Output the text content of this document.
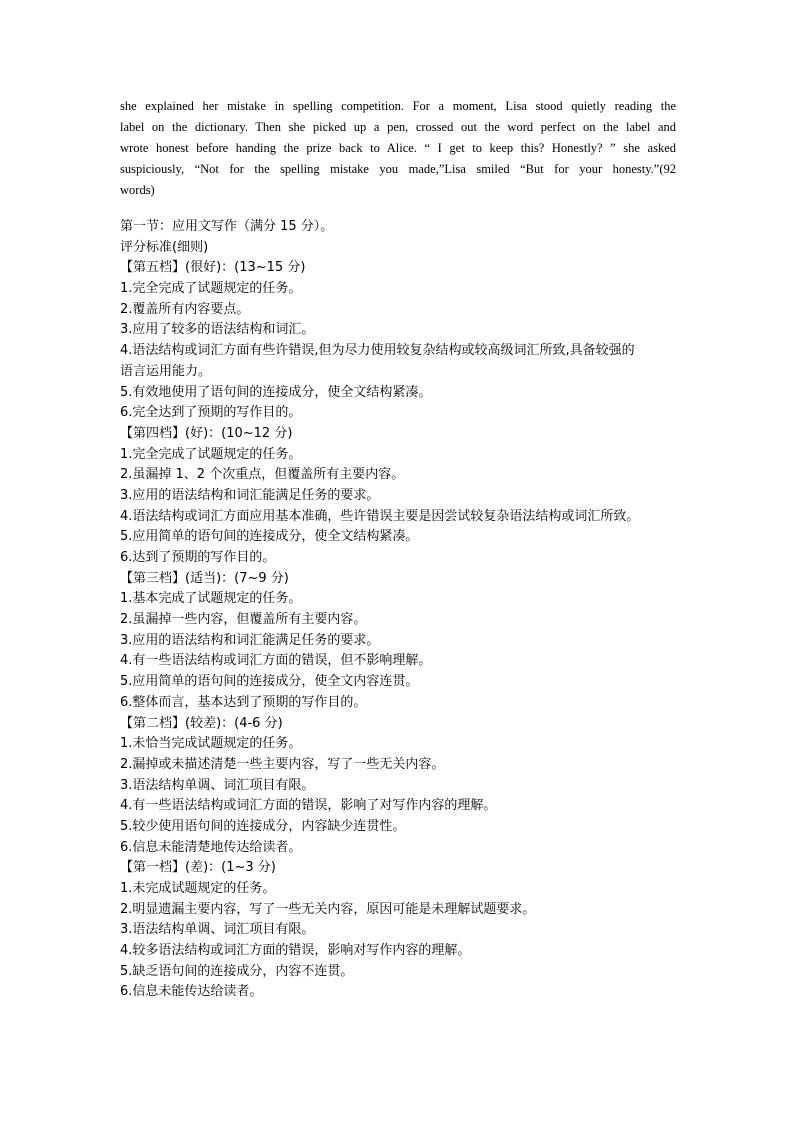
she explained her mistake in spelling competition. For a moment, Lisa stood quietly reading the
label on the dictionary. Then she picked up a pen, crossed out the word perfect on the label and
wrote honest before handing the prize back to Alice. “ I get to keep this? Honestly? ” she asked
suspiciously, “Not for the spelling mistake you made,”Lisa smiled “But for your honesty.”(92
words)
第一节：应用文写作（满分 15 分）。
评分标准(细则)
【第五档】(很好)：(13~15 分)
1.完全完成了试题规定的任务。
2.覆盖所有内容要点。
3.应用了较多的语法结构和词汇。
4.语法结构或词汇方面有些许错误,但为尽力使用较复杂结构或较高级词汇所致,具备较强的
语言运用能力。
5.有效地使用了语句间的连接成分，使全文结构紧凑。
6.完全达到了预期的写作目的。
【第四档】(好)：(10~12 分)
1.完全完成了试题规定的任务。
2.虽漏掉 1、2 个次重点，但覆盖所有主要内容。
3.应用的语法结构和词汇能满足任务的要求。
4.语法结构或词汇方面应用基本准确，些许错误主要是因尝试较复杂语法结构或词汇所致。
5.应用简单的语句间的连接成分，使全文结构紧凑。
6.达到了预期的写作目的。
【第三档】(适当)：(7~9 分)
1.基本完成了试题规定的任务。
2.虽漏掉一些内容，但覆盖所有主要内容。
3.应用的语法结构和词汇能满足任务的要求。
4.有一些语法结构或词汇方面的错误，但不影响理解。
5.应用简单的语句间的连接成分，使全文内容连贯。
6.整体而言，基本达到了预期的写作目的。
【第二档】(较差)：(4-6 分)
1.未恰当完成试题规定的任务。
2.漏掉或未描述清楚一些主要内容，写了一些无关内容。
3.语法结构单调、词汇项目有限。
4.有一些语法结构或词汇方面的错误，影响了对写作内容的理解。
5.较少使用语句间的连接成分，内容缺少连贯性。
6.信息未能清楚地传达给读者。
【第一档】(差)：(1~3 分)
1.未完成试题规定的任务。
2.明显遗漏主要内容，写了一些无关内容，原因可能是未理解试题要求。
3.语法结构单调、词汇项目有限。
4.较多语法结构或词汇方面的错误，影响对写作内容的理解。
5.缺乏语句间的连接成分，内容不连贯。
6.信息未能传达给读者。
